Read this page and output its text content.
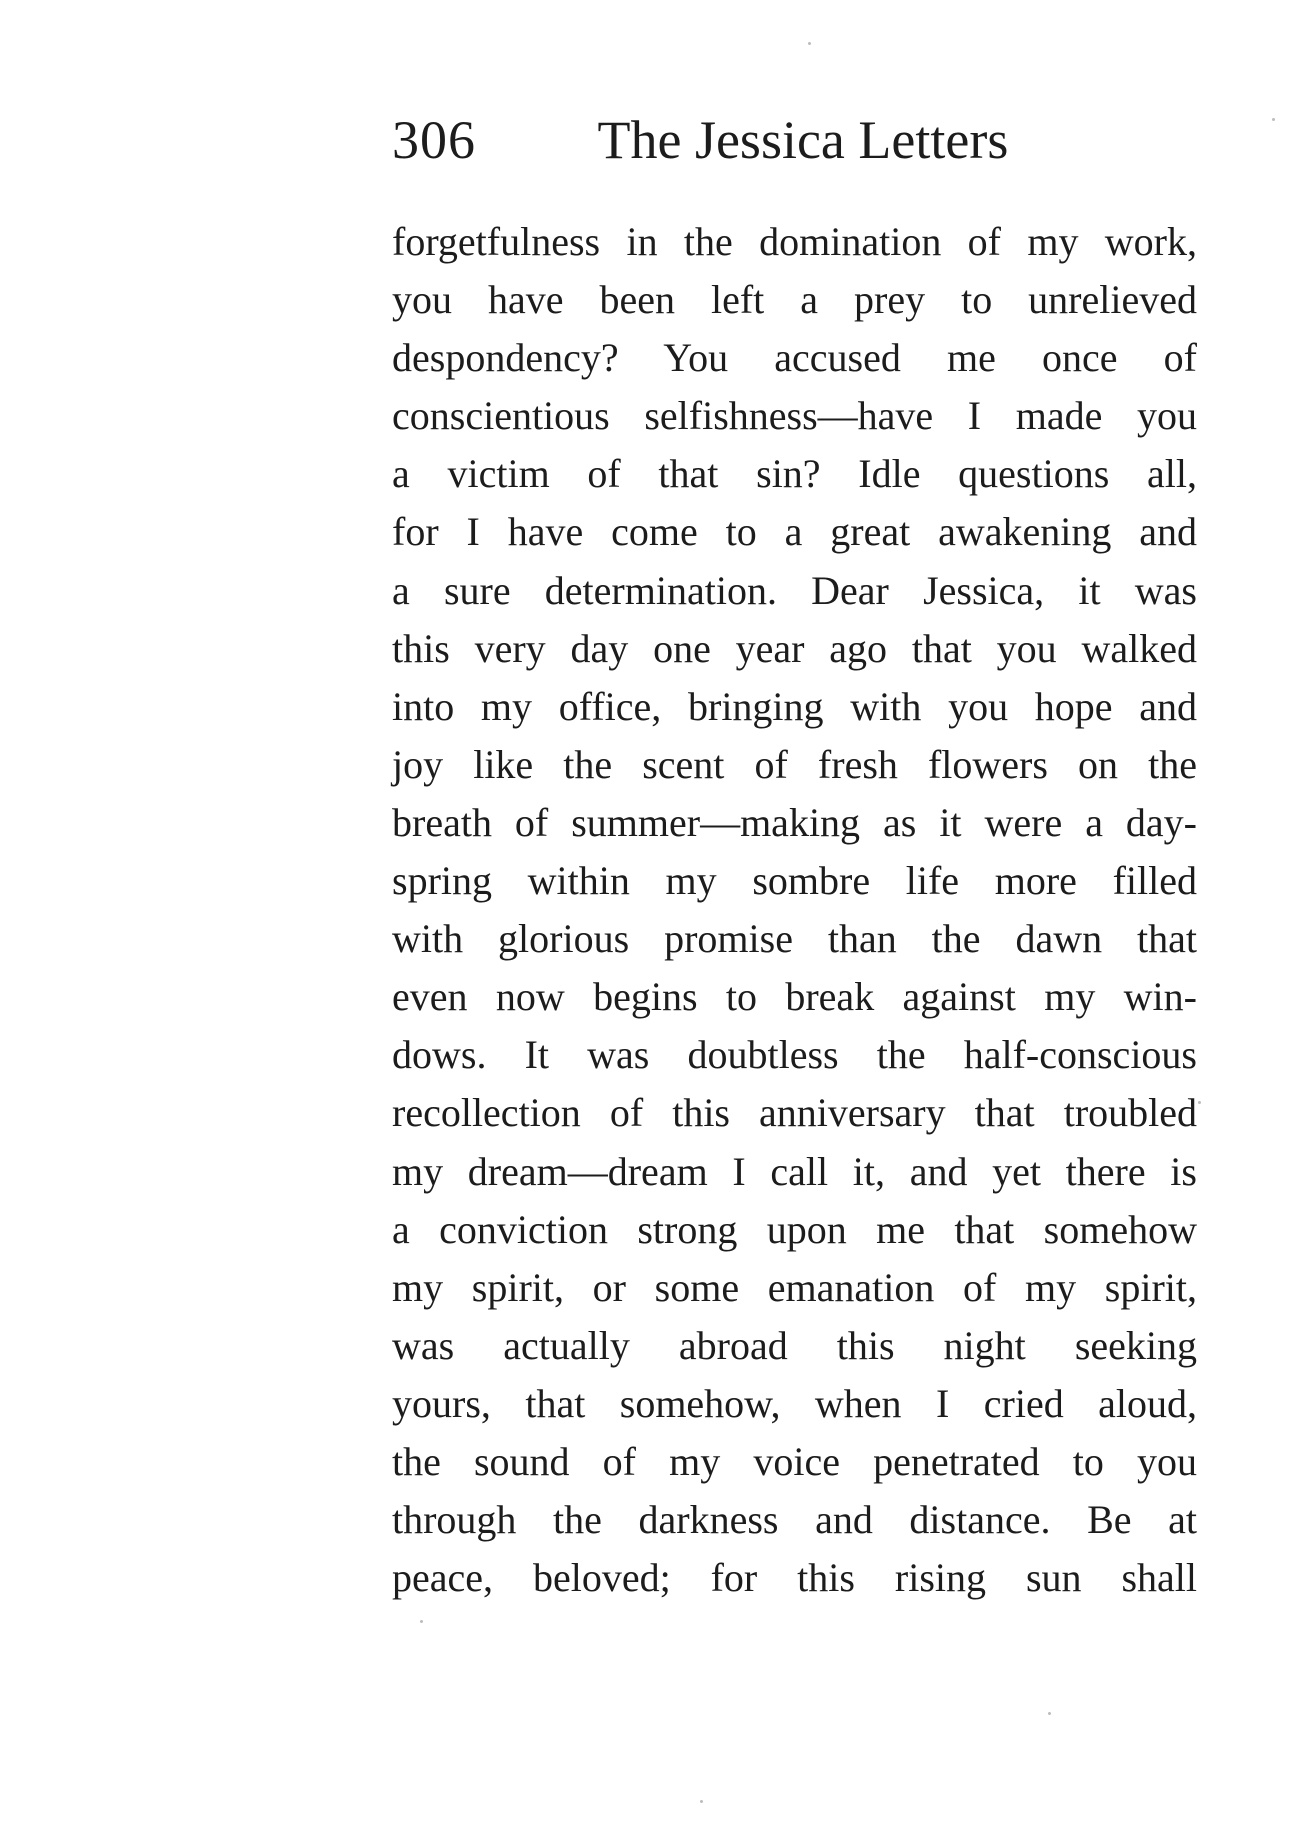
306 The Jessica Letters
forgetfulness in the domination of my work,
you have been left a prey to unrelieved
despondency? You accused me once of
conscientious selfishness—have I made you
a victim of that sin? Idle questions all,
for I have come to a great awakening and
a sure determination. Dear Jessica, it was
this very day one year ago that you walked
into my office, bringing with you hope and
joy like the scent of fresh flowers on the
breath of summer—making as it were a day-
spring within my sombre life more filled
with glorious promise than the dawn that
even now begins to break against my win-
dows. It was doubtless the half-conscious
recollection of this anniversary that troubled
my dream—dream I call it, and yet there is
a conviction strong upon me that somehow
my spirit, or some emanation of my spirit,
was actually abroad this night seeking
yours, that somehow, when I cried aloud,
the sound of my voice penetrated to you
through the darkness and distance. Be at
peace, beloved; for this rising sun shall
